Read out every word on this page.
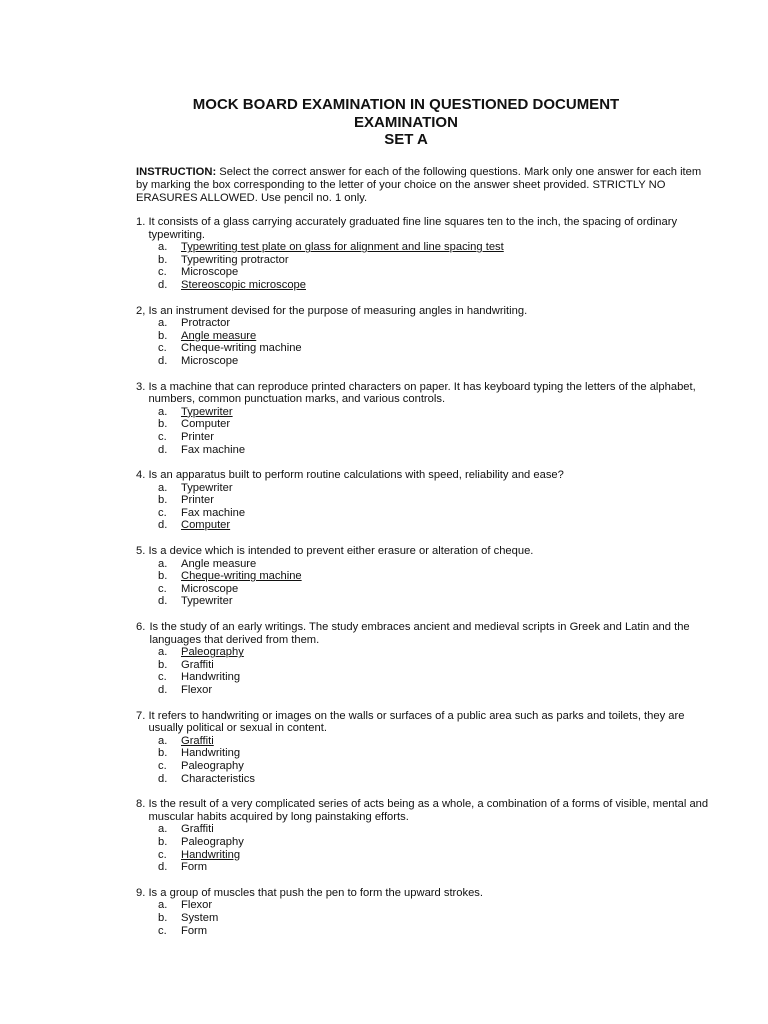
MOCK BOARD EXAMINATION IN QUESTIONED DOCUMENT
EXAMINATION
SET A
INSTRUCTION: Select the correct answer for each of the following questions. Mark only one answer for each item by marking the box corresponding to the letter of your choice on the answer sheet provided. STRICTLY NO ERASURES ALLOWED. Use pencil no. 1 only.
1. It consists of a glass carrying accurately graduated fine line squares ten to the inch, the spacing of ordinary typewriting.
a.	Typewriting test plate on glass for alignment and line spacing test
b.	Typewriting protractor
c.	Microscope
d.	Stereoscopic microscope
2, Is an instrument devised for the purpose of measuring angles in handwriting.
a.	Protractor
b.	Angle measure
c.	Cheque-writing machine
d.	Microscope
3. Is a machine that can reproduce printed characters on paper. It has keyboard typing the letters of the alphabet, numbers, common punctuation marks, and various controls.
a.	Typewriter
b.	Computer
c.	Printer
d.	Fax machine
4. Is an apparatus built to perform routine calculations with speed, reliability and ease?
a.	Typewriter
b.	Printer
c.	Fax machine
d.	Computer
5. Is a device which is intended to prevent either erasure or alteration of cheque.
a.	Angle measure
b.	Cheque-writing machine
c.	Microscope
d.	Typewriter
6. Is the study of an early writings. The study embraces ancient and medieval scripts in Greek and Latin and the languages that derived from them.
a.	Paleography
b.	Graffiti
c.	Handwriting
d.	Flexor
7. It refers to handwriting or images on the walls or surfaces of a public area such as parks and toilets, they are usually political or sexual in content.
a.	Graffiti
b.	Handwriting
c.	Paleography
d.	Characteristics
8. Is the result of a very complicated series of acts being as a whole, a combination of a forms of visible, mental and muscular habits acquired by long painstaking efforts.
a.	Graffiti
b.	Paleography
c.	Handwriting
d.	Form
9. Is a group of muscles that push the pen to form the upward strokes.
a.	Flexor
b.	System
c.	Form
